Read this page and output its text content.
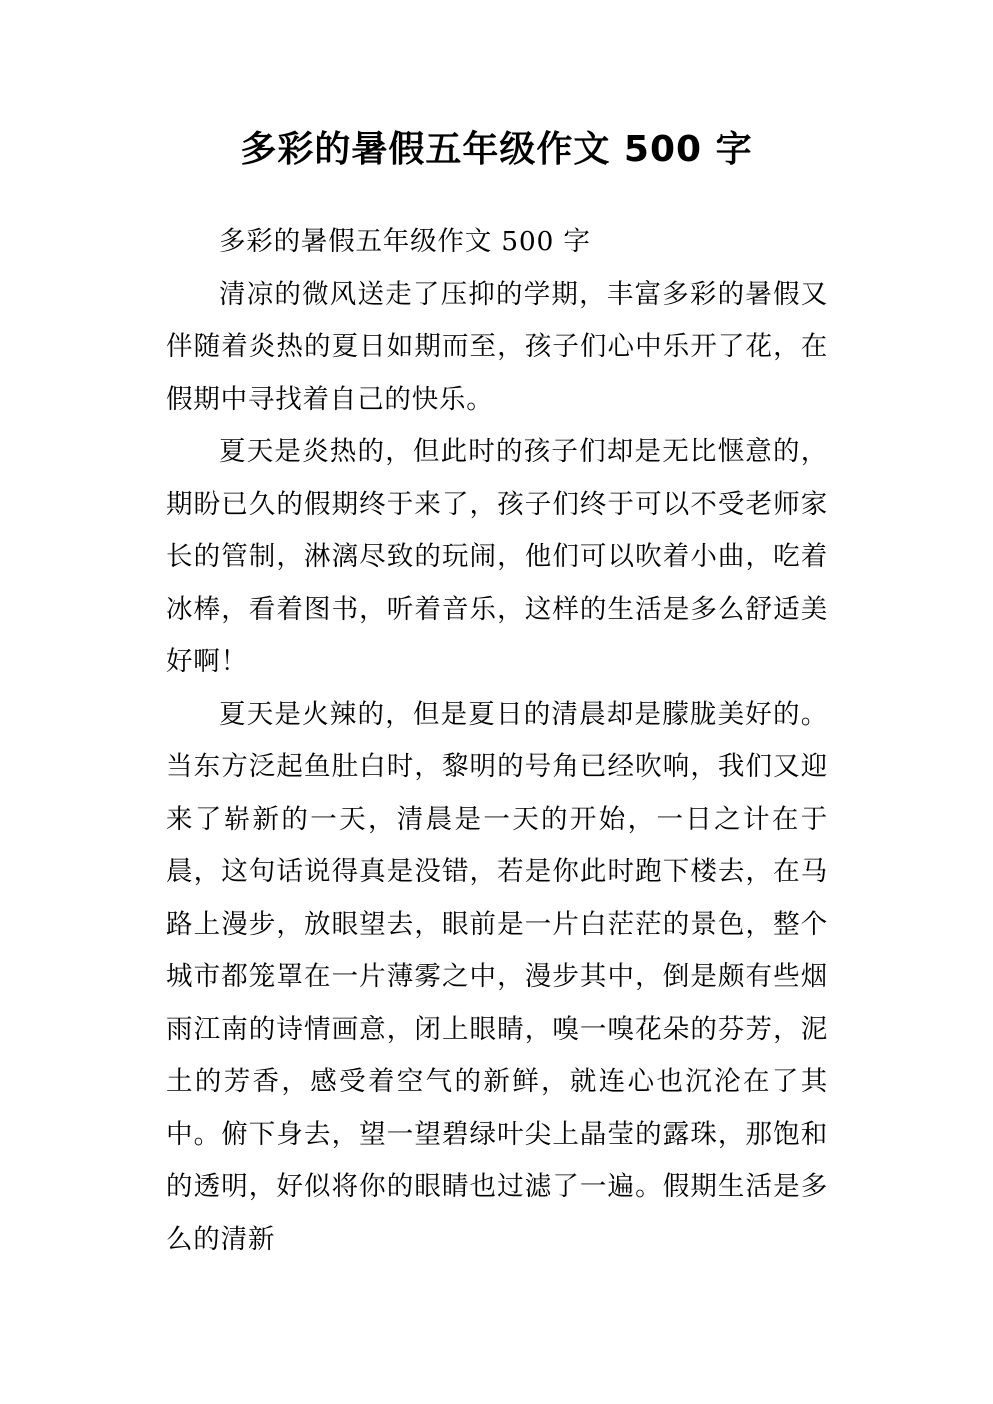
多彩的暑假五年级作文 500 字

多彩的暑假五年级作文 500 字

清凉的微风送走了压抑的学期，丰富多彩的暑假又伴随着炎热的夏日如期而至，孩子们心中乐开了花，在假期中寻找着自己的快乐。

夏天是炎热的，但此时的孩子们却是无比惬意的，期盼已久的假期终于来了，孩子们终于可以不受老师家长的管制，淋漓尽致的玩闹，他们可以吹着小曲，吃着冰棒，看着图书，听着音乐，这样的生活是多么舒适美好啊！

夏天是火辣的，但是夏日的清晨却是朦胧美好的。当东方泛起鱼肚白时，黎明的号角已经吹响，我们又迎来了崭新的一天，清晨是一天的开始，一日之计在于晨，这句话说得真是没错，若是你此时跑下楼去，在马路上漫步，放眼望去，眼前是一片白茫茫的景色，整个城市都笼罩在一片薄雾之中，漫步其中，倒是颇有些烟雨江南的诗情画意，闭上眼睛，嗅一嗅花朵的芬芳，泥土的芳香，感受着空气的新鲜，就连心也沉沦在了其中。俯下身去，望一望碧绿叶尖上晶莹的露珠，那饱和的透明，好似将你的眼睛也过滤了一遍。假期生活是多么的清新
